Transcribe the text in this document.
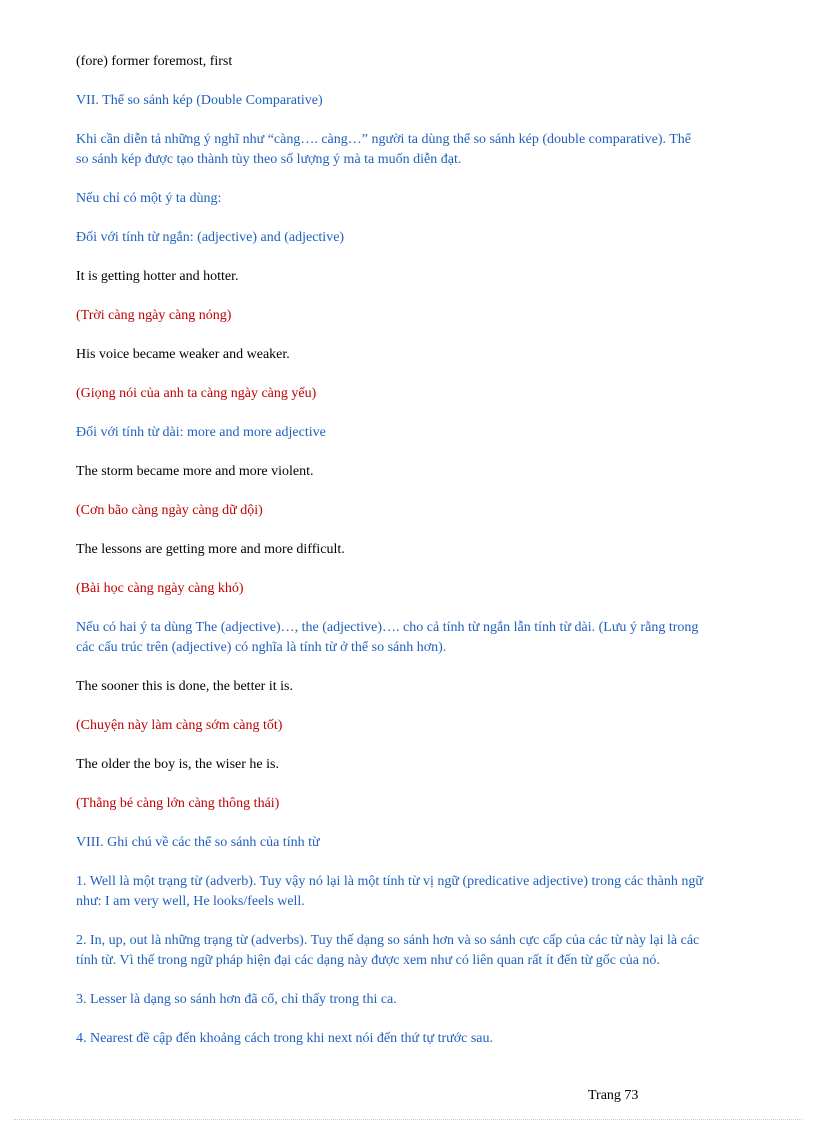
(fore) former foremost, first

VII. Thể so sánh kép (Double Comparative)

Khi cần diễn tả những ý nghĩ như “càng…. càng…” người ta dùng thể so sánh kép (double comparative). Thể so sánh kép được tạo thành tùy theo số lượng ý mà ta muốn diễn đạt.

Nếu chỉ có một ý ta dùng:

Đối với tính từ ngắn: (adjective) and (adjective)

It is getting hotter and hotter.

(Trời càng ngày càng nóng)

His voice became weaker and weaker.

(Giọng nói của anh ta càng ngày càng yếu)

Đối với tính từ dài: more and more adjective

The storm became more and more violent.

(Cơn bão càng ngày càng dữ dội)

The lessons are getting more and more difficult.

(Bài học càng ngày càng khó)

Nếu có hai ý ta dùng The (adjective)…, the (adjective)…. cho cả tính từ ngắn lẫn tính từ dài. (Lưu ý rằng trong các cấu trúc trên (adjective) có nghĩa là tính từ ở thể so sánh hơn).

The sooner this is done, the better it is.

(Chuyện này làm càng sớm càng tốt)

The older the boy is, the wiser he is.

(Thằng bé càng lớn càng thông thái)

VIII. Ghi chú về các thể so sánh của tính từ

1. Well là một trạng từ (adverb). Tuy vậy nó lại là một tính từ vị ngữ (predicative adjective) trong các thành ngữ như: I am very well, He looks/feels well.

2. In, up, out là những trạng từ (adverbs). Tuy thế dạng so sánh hơn và so sánh cực cấp của các từ này lại là các tính từ. Vì thế trong ngữ pháp hiện đại các dạng này được xem như có liên quan rất ít đến từ gốc của nó.

3. Lesser là dạng so sánh hơn đã cổ, chỉ thấy trong thi ca.

4. Nearest đề cập đến khoảng cách trong khi next nói đến thứ tự trước sau.

Trang 73
